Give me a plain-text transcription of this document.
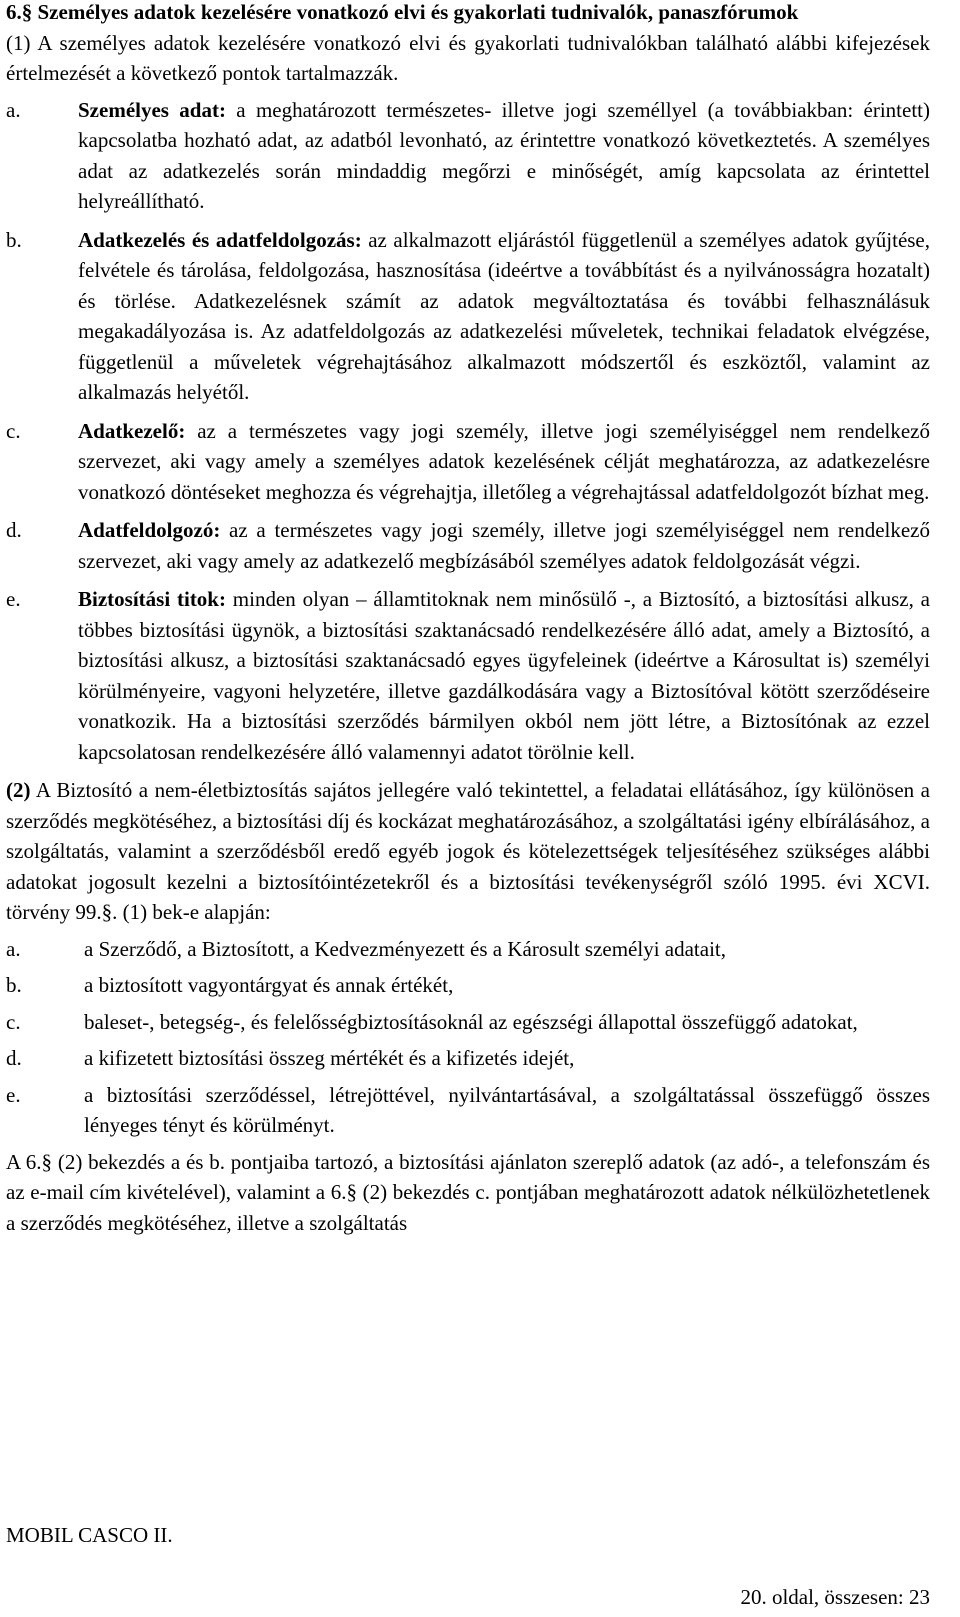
6.§ Személyes adatok kezelésére vonatkozó elvi és gyakorlati tudnivalók, panaszfórumok

(1) A személyes adatok kezelésére vonatkozó elvi és gyakorlati tudnivalókban található alábbi kifejezések értelmezését a következő pontok tartalmazzák.

a.	Személyes adat: a meghatározott természetes- illetve jogi személlyel (a továbbiakban: érintett) kapcsolatba hozható adat, az adatból levonható, az érintettre vonatkozó következtetés. A személyes adat az adatkezelés során mindaddig megőrzi e minőségét, amíg kapcsolata az érintettel helyreállítható.
b.	Adatkezelés és adatfeldolgozás: az alkalmazott eljárástól függetlenül a személyes adatok gyűjtése, felvétele és tárolása, feldolgozása, hasznosítása (ideértve a továbbítást és a nyilvánosságra hozatalt) és törlése. Adatkezelésnek számít az adatok megváltoztatása és további felhasználásuk megakadályozása is. Az adatfeldolgozás az adatkezelési műveletek, technikai feladatok elvégzése, függetlenül a műveletek végrehajtásához alkalmazott módszertől és eszköztől, valamint az alkalmazás helyétől.
c.	Adatkezelő: az a természetes vagy jogi személy, illetve jogi személyiséggel nem rendelkező szervezet, aki vagy amely a személyes adatok kezelésének célját meghatározza, az adatkezelésre vonatkozó döntéseket meghozza és végrehajtja, illetőleg a végrehajtással adatfeldolgozót bízhat meg.
d.	Adatfeldolgozó: az a természetes vagy jogi személy, illetve jogi személyiséggel nem rendelkező szervezet, aki vagy amely az adatkezelő megbízásából személyes adatok feldolgozását végzi.
e.	Biztosítási titok: minden olyan – államtitoknak nem minősülő -, a Biztosító, a biztosítási alkusz, a többes biztosítási ügynök, a biztosítási szaktanácsadó rendelkezésére álló adat, amely a Biztosító, a biztosítási alkusz, a biztosítási szaktanácsadó egyes ügyfeleinek (ideértve a Károsultat is) személyi körülményeire, vagyoni helyzetére, illetve gazdálkodására vagy a Biztosítóval kötött szerződéseire vonatkozik. Ha a biztosítási szerződés bármilyen okból nem jött létre, a Biztosítónak az ezzel kapcsolatosan rendelkezésére álló valamennyi adatot törölnie kell.

(2) A Biztosító a nem-életbiztosítás sajátos jellegére való tekintettel, a feladatai ellátásához, így különösen a szerződés megkötéséhez, a biztosítási díj és kockázat meghatározásához, a szolgáltatási igény elbírálásához, a szolgáltatás, valamint a szerződésből eredő egyéb jogok és kötelezettségek teljesítéséhez szükséges alábbi adatokat jogosult kezelni a biztosítóintézetekről és a biztosítási tevékenységről szóló 1995. évi XCVI. törvény 99.§. (1) bek-e alapján:

a.	a Szerződő, a Biztosított, a Kedvezményezett és a Károsult személyi adatait,
b.	a biztosított vagyontárgyat és annak értékét,
c.	baleset-, betegség-, és felelősségbiztosításoknál az egészségi állapottal összefüggő adatokat,
d.	a kifizetett biztosítási összeg mértékét és a kifizetés idejét,
e.	a biztosítási szerződéssel, létrejöttével, nyilvántartásával, a szolgáltatással összefüggő összes lényeges tényt és körülményt.

A 6.§ (2) bekezdés a és b. pontjaiba tartozó, a biztosítási ajánlaton szereplő adatok (az adó-, a telefonszám és az e-mail cím kivételével), valamint a 6.§ (2) bekezdés c. pontjában meghatározott adatok nélkülözhetetlenek a szerződés megkötéséhez, illetve a szolgáltatás

MOBIL CASCO II.
20. oldal, összesen: 23
